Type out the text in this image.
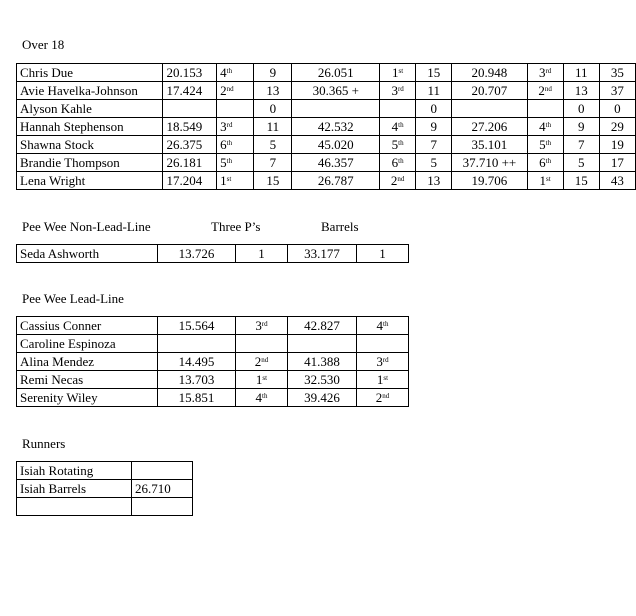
Over 18
Chris Due	20.153	4th	9	26.051	1st	15	20.948	3rd	11	35
Avie Havelka-Johnson	17.424	2nd	13	30.365 +	3rd	11	20.707	2nd	13	37
Alyson Kahle			0			0			0	0
Hannah Stephenson	18.549	3rd	11	42.532	4th	9	27.206	4th	9	29
Shawna Stock	26.375	6th	5	45.020	5th	7	35.101	5th	7	19
Brandie Thompson	26.181	5th	7	46.357	6th	5	37.710 ++	6th	5	17
Lena Wright	17.204	1st	15	26.787	2nd	13	19.706	1st	15	43
Pee Wee Non-Lead-Line	Three P’s	Barrels
Seda Ashworth	13.726	1	33.177	1
Pee Wee Lead-Line
Cassius Conner	15.564	3rd	42.827	4th
Caroline Espinoza				
Alina Mendez	14.495	2nd	41.388	3rd
Remi Necas	13.703	1st	32.530	1st
Serenity Wiley	15.851	4th	39.426	2nd
Runners
Isiah Rotating	
Isiah Barrels	26.710
